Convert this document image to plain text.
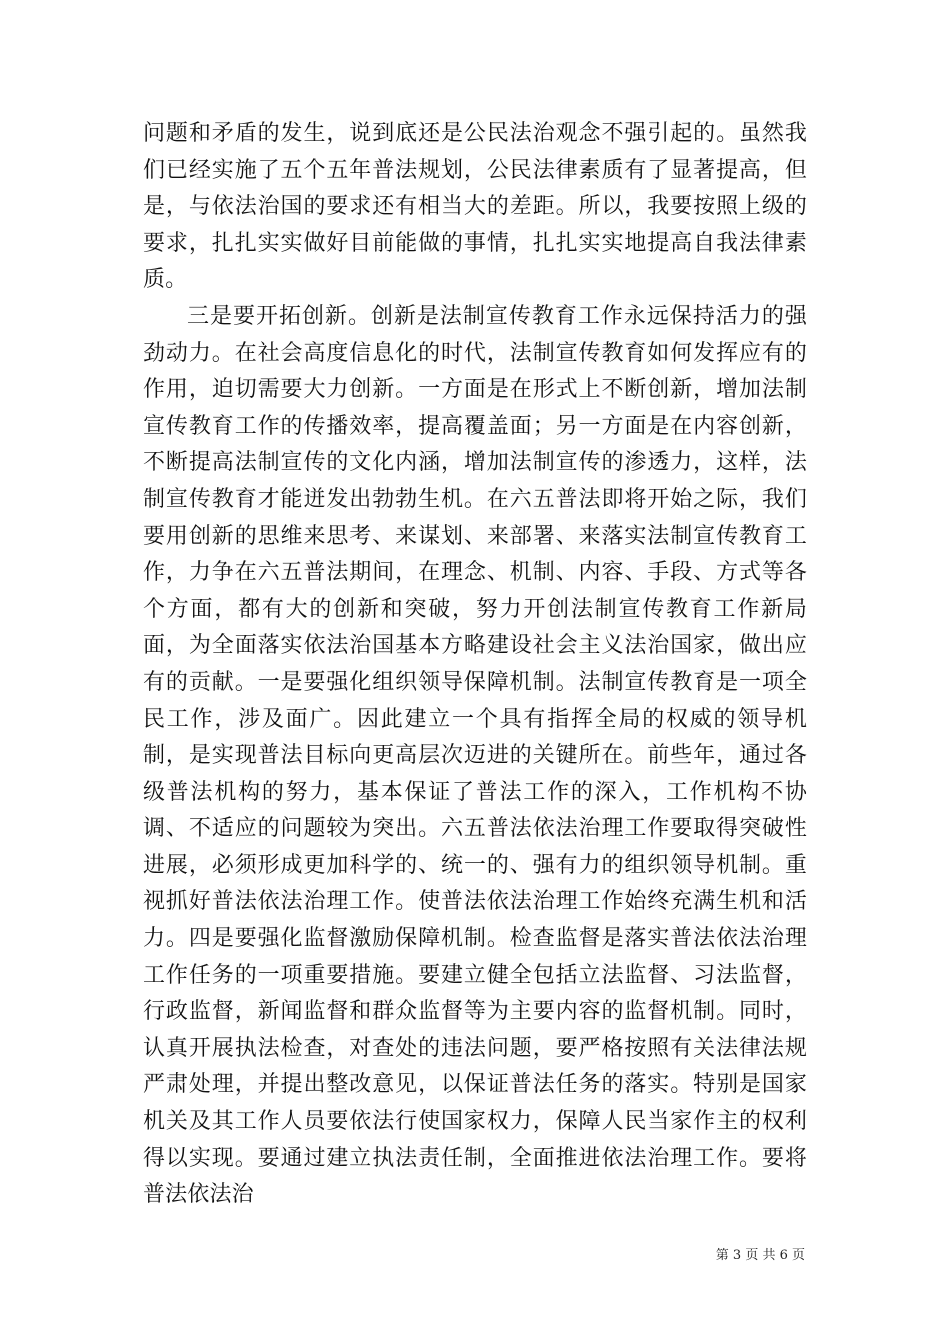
问题和矛盾的发生，说到底还是公民法治观念不强引起的。虽然我们已经实施了五个五年普法规划，公民法律素质有了显著提高，但是，与依法治国的要求还有相当大的差距。所以，我要按照上级的要求，扎扎实实做好目前能做的事情，扎扎实实地提高自我法律素质。

三是要开拓创新。创新是法制宣传教育工作永远保持活力的强劲动力。在社会高度信息化的时代，法制宣传教育如何发挥应有的作用，迫切需要大力创新。一方面是在形式上不断创新，增加法制宣传教育工作的传播效率，提高覆盖面；另一方面是在内容创新，不断提高法制宣传的文化内涵，增加法制宣传的渗透力，这样，法制宣传教育才能迸发出勃勃生机。在六五普法即将开始之际，我们要用创新的思维来思考、来谋划、来部署、来落实法制宣传教育工作，力争在六五普法期间，在理念、机制、内容、手段、方式等各个方面，都有大的创新和突破，努力开创法制宣传教育工作新局面，为全面落实依法治国基本方略建设社会主义法治国家，做出应有的贡献。一是要强化组织领导保障机制。法制宣传教育是一项全民工作，涉及面广。因此建立一个具有指挥全局的权威的领导机制，是实现普法目标向更高层次迈进的关键所在。前些年，通过各级普法机构的努力，基本保证了普法工作的深入，工作机构不协调、不适应的问题较为突出。六五普法依法治理工作要取得突破性进展，必须形成更加科学的、统一的、强有力的组织领导机制。重视抓好普法依法治理工作。使普法依法治理工作始终充满生机和活力。四是要强化监督激励保障机制。检查监督是落实普法依法治理工作任务的一项重要措施。要建立健全包括立法监督、习法监督，行政监督，新闻监督和群众监督等为主要内容的监督机制。同时，认真开展执法检查，对查处的违法问题，要严格按照有关法律法规严肃处理，并提出整改意见，以保证普法任务的落实。特别是国家机关及其工作人员要依法行使国家权力，保障人民当家作主的权利得以实现。要通过建立执法责任制，全面推进依法治理工作。要将普法依法治

第 3 页 共 6 页
